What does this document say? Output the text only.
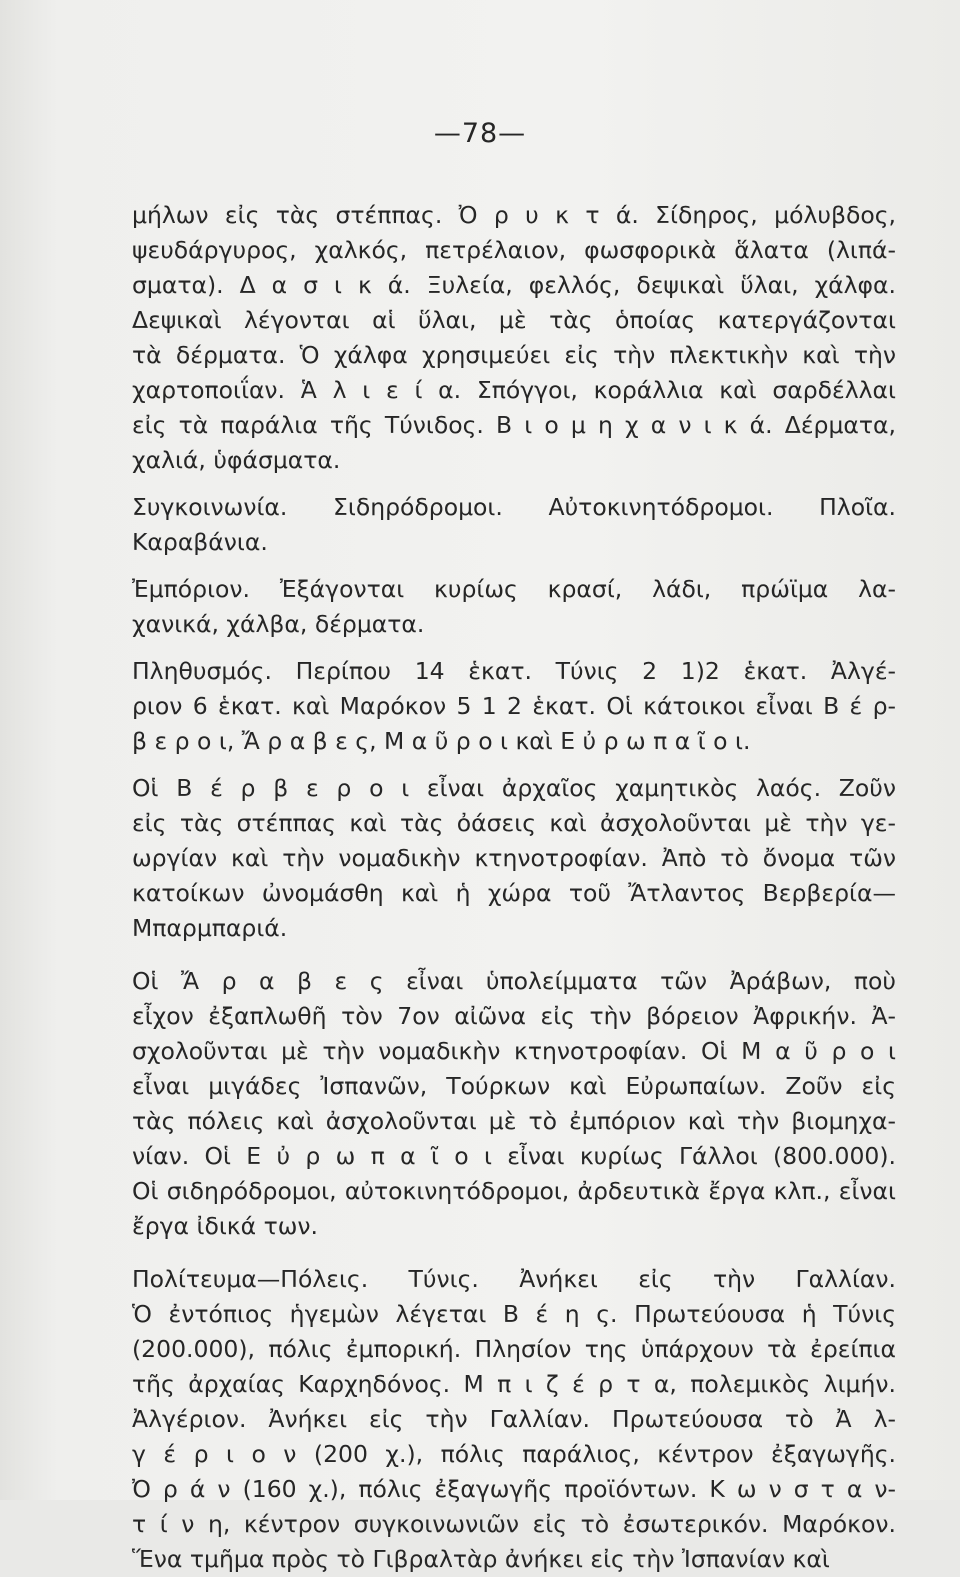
—78—
μήλων εἰς τὰς στέππας. Ὀ ρ υ κ τ ά. Σίδηρος, μόλυβδος,
ψευδάργυρος, χαλκός, πετρέλαιον, φωσφορικὰ ἅλατα (λιπά-
σματα). Δ α σ ι κ ά. Ξυλεία, φελλός, δεψικαὶ ὕλαι, χάλφα.
Δεψικαὶ λέγονται αἱ ὕλαι, μὲ τὰς ὁποίας κατεργάζονται
τὰ δέρματα. Ὁ χάλφα χρησιμεύει εἰς τὴν πλεκτικὴν καὶ τὴν
χαρτοποιΐαν. Ἁ λ ι ε ί α. Σπόγγοι, κοράλλια καὶ σαρδέλλαι
εἰς τὰ παράλια τῆς Τύνιδος. Β ι ο μ η χ α ν ι κ ά. Δέρματα,
χαλιά, ὑφάσματα.
Συγκοινωνία. Σιδηρόδρομοι. Αὐτοκινητόδρομοι. Πλοῖα.
Καραβάνια.
Ἐμπόριον. Ἐξάγονται κυρίως κρασί, λάδι, πρώϊμα λα-
χανικά, χάλβα, δέρματα.
Πληθυσμός. Περίπου 14 ἑκατ. Τύνις 2 1)2 ἑκατ. Ἀλγέ-
ριον 6 ἑκατ. καὶ Μαρόκον 5 1 2 ἑκατ. Οἱ κάτοικοι εἶναι Β έ ρ-
β ε ρ ο ι, Ἄ ρ α β ε ς, Μ α ῦ ρ ο ι καὶ Ε ὐ ρ ω π α ῖ ο ι.
Οἱ Β έ ρ β ε ρ ο ι εἶναι ἀρχαῖος χαμητικὸς λαός. Ζοῦν
εἰς τὰς στέππας καὶ τὰς ὀάσεις καὶ ἀσχολοῦνται μὲ τὴν γε-
ωργίαν καὶ τὴν νομαδικὴν κτηνοτροφίαν. Ἀπὸ τὸ ὄνομα τῶν
κατοίκων ὠνομάσθη καὶ ἡ χώρα τοῦ Ἄτλαντος Βερβερία—
Μπαρμπαριά.
Οἱ Ἄ ρ α β ε ς εἶναι ὑπολείμματα τῶν Ἀράβων, ποὺ
εἶχον ἐξαπλωθῆ τὸν 7ον αἰῶνα εἰς τὴν βόρειον Ἀφρικήν. Ἀ-
σχολοῦνται μὲ τὴν νομαδικὴν κτηνοτροφίαν. Οἱ Μ α ῦ ρ ο ι
εἶναι μιγάδες Ἰσπανῶν, Τούρκων καὶ Εὐρωπαίων. Ζοῦν εἰς
τὰς πόλεις καὶ ἀσχολοῦνται μὲ τὸ ἐμπόριον καὶ τὴν βιομηχα-
νίαν. Οἱ Ε ὐ ρ ω π α ῖ ο ι εἶναι κυρίως Γάλλοι (800.000).
Οἱ σιδηρόδρομοι, αὐτοκινητόδρομοι, ἀρδευτικὰ ἔργα κλπ., εἶναι
ἔργα ἰδικά των.
Πολίτευμα—Πόλεις. Τύνις. Ἀνήκει εἰς τὴν Γαλλίαν.
Ὁ ἐντόπιος ἡγεμὼν λέγεται Β έ η ς. Πρωτεύουσα ἡ Τύνις
(200.000), πόλις ἐμπορική. Πλησίον της ὑπάρχουν τὰ ἐρείπια
τῆς ἀρχαίας Καρχηδόνος. Μ π ι ζ έ ρ τ α, πολεμικὸς λιμήν.
Ἀλγέριον. Ἀνήκει εἰς τὴν Γαλλίαν. Πρωτεύουσα τὸ Ἀ λ-
γ έ ρ ι ο ν (200 χ.), πόλις παράλιος, κέντρον ἐξαγωγῆς.
Ὀ ρ ά ν (160 χ.), πόλις ἐξαγωγῆς προϊόντων. Κ ω ν σ τ α ν-
τ ί ν η, κέντρον συγκοινωνιῶν εἰς τὸ ἐσωτερικόν. Μαρόκον.
Ἕνα τμῆμα πρὸς τὸ Γιβραλτὰρ ἀνήκει εἰς τὴν Ἰσπανίαν καὶ
